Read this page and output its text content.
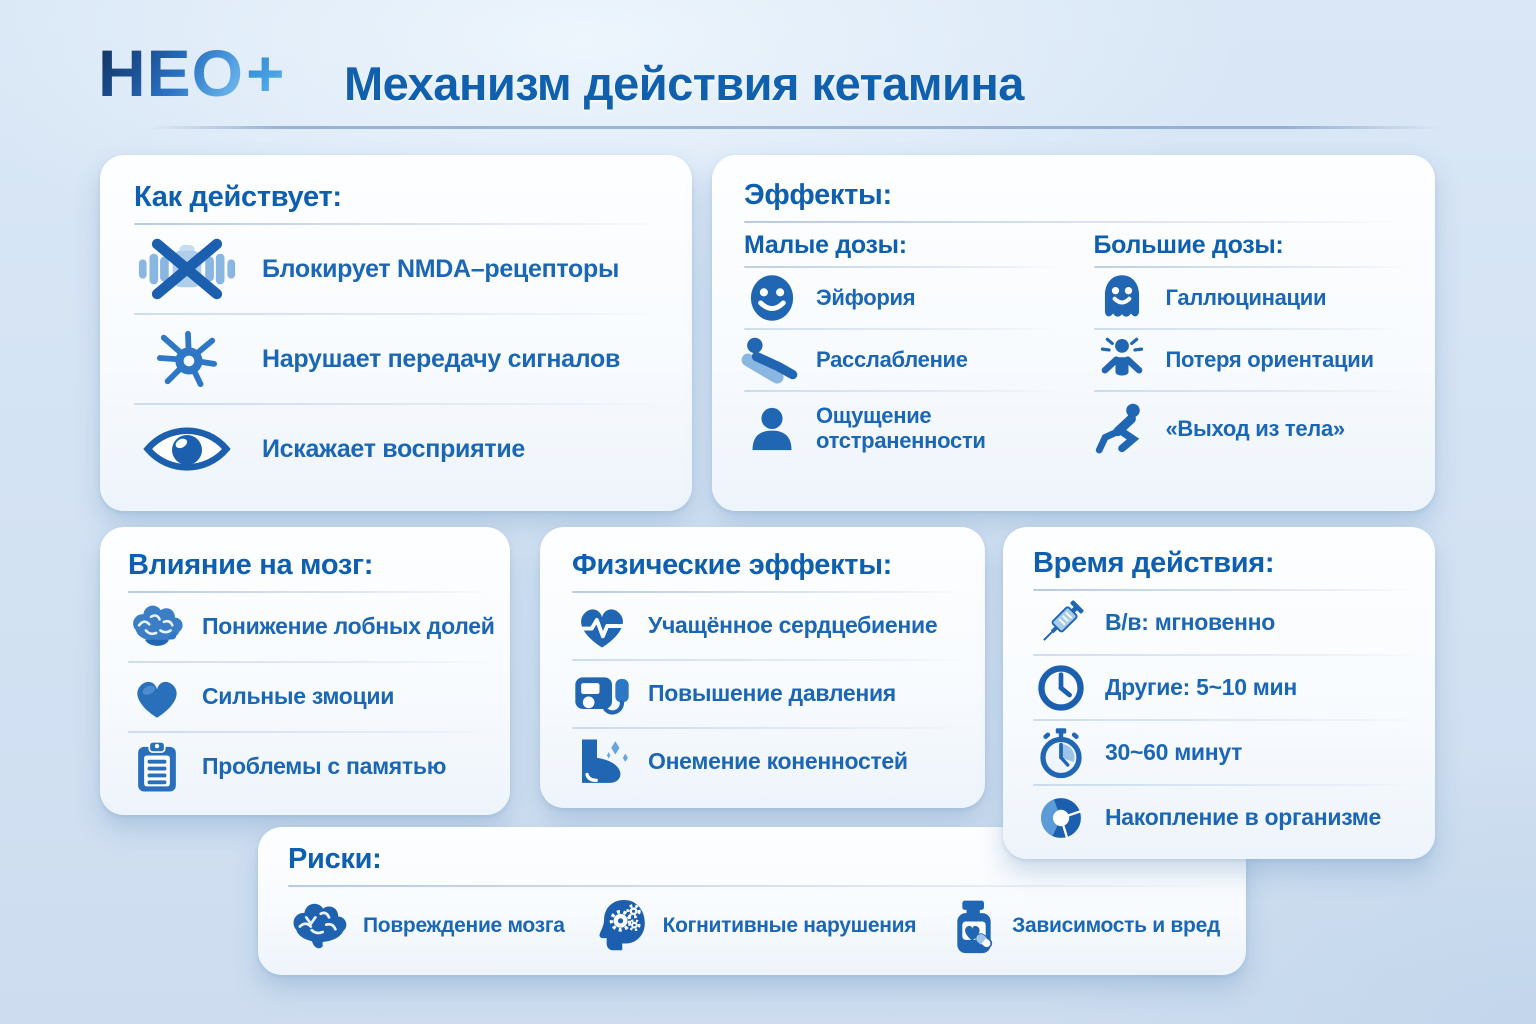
НЕО+ Механизм действия кетамина
Как действует:
Блокирует NMDA–рецепторы
Нарушает передачу сигналов
Искажает восприятие
Эффекты:
Малые дозы:
Эйфория
Расслабление
Ощущение отстраненности
Большие дозы:
Галлюцинации
Потеря ориентации
«Выход из тела»
Влияние на мозг:
Понижение лобных долей
Сильные змоции
Проблемы с памятью
Физические эффекты:
Учащённое сердцебиение
Повышение давления
Онемение коненностей
Время действия:
В/в: мгновенно
Другие: 5~10 мин
30~60 минут
Накопление в организме
Риски:
Повреждение мозга	Когнитивные нарушения	Зависимость и вред
